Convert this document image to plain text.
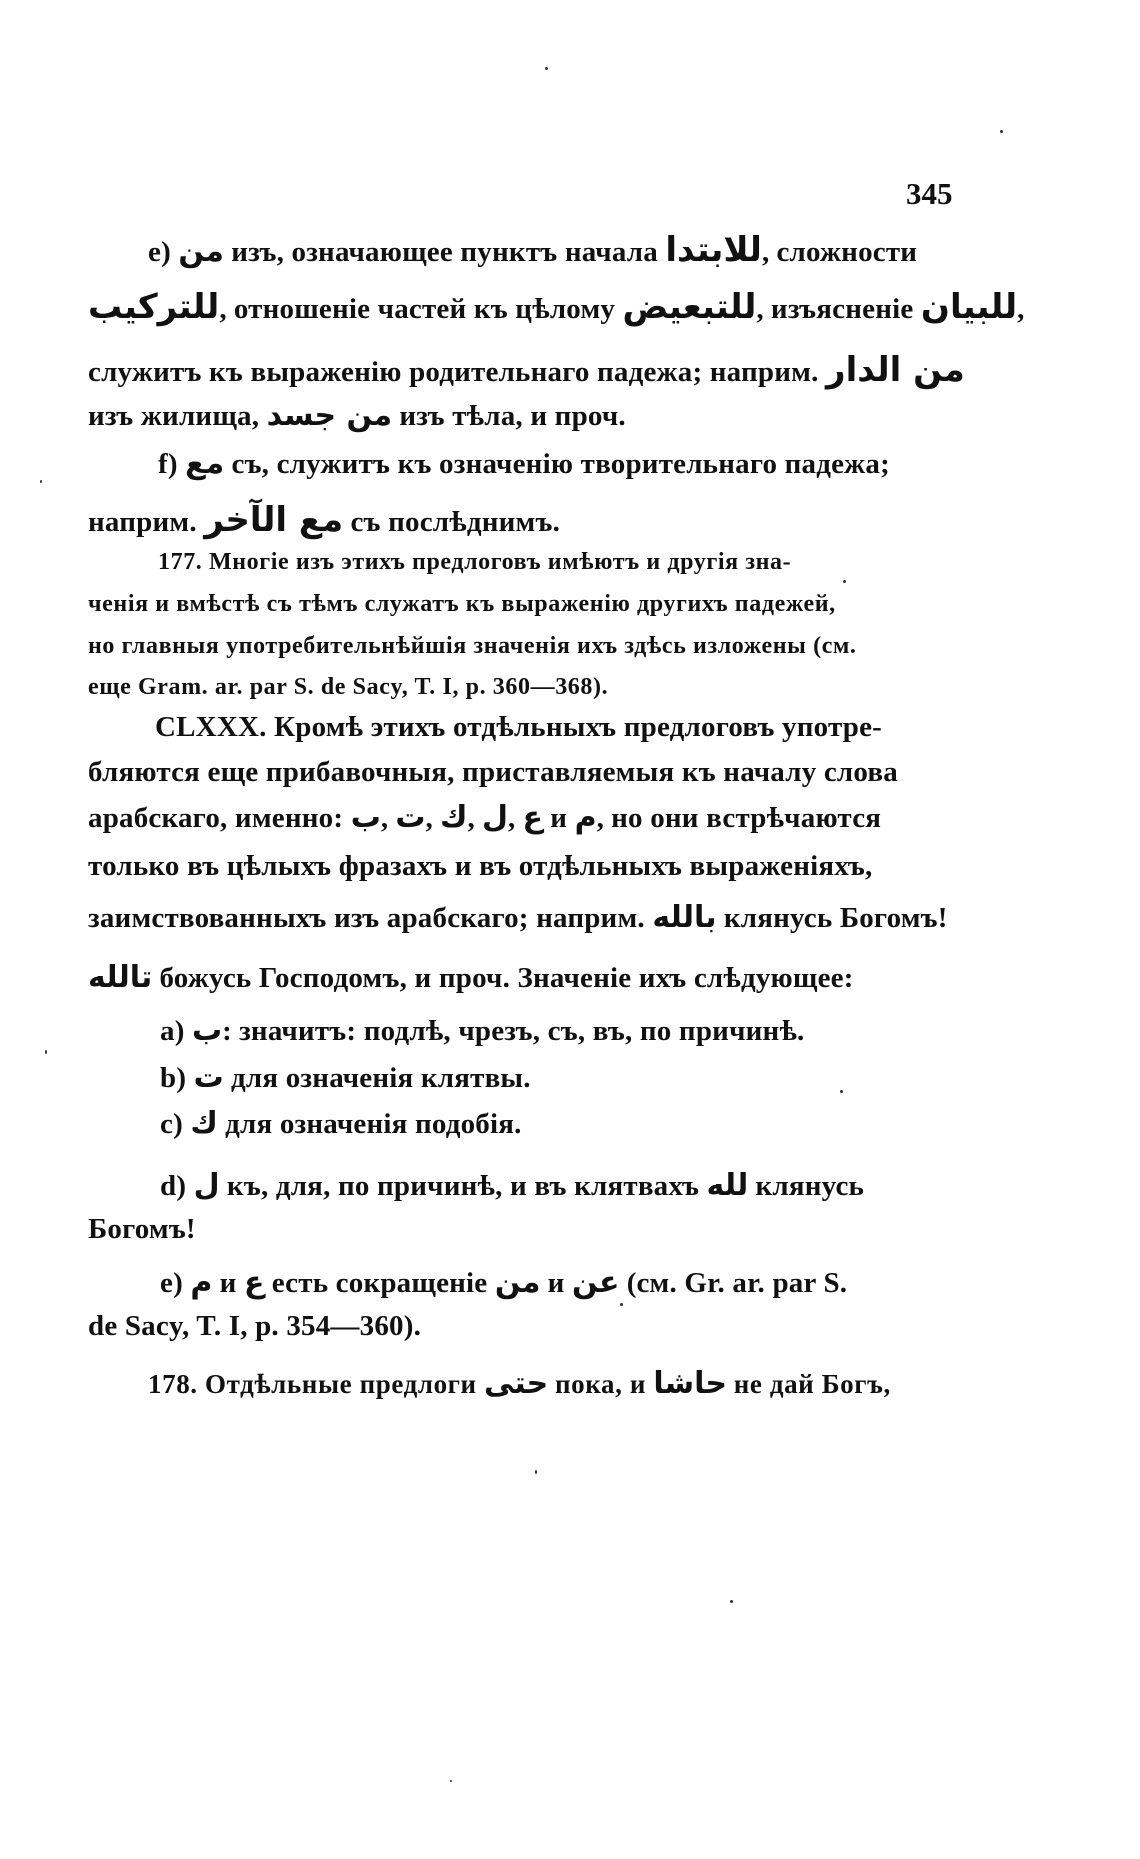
345
e) من изъ, означающее пунктъ начала للابتدا, сложности
للتركيب, отношеніе частей къ цѣлому للتبعيض, изъясненіе للبيان,
служитъ къ выраженію родительнаго падежа; наприм. من الدار
изъ жилища, من جسد изъ тѣла, и проч.
f) مع съ, служитъ къ означенію творительнаго падежа;
наприм. مع الآخر съ послѣднимъ.
177. Многіе изъ этихъ предлоговъ имѣютъ и другія зна-
ченія и вмѣстѣ съ тѣмъ служатъ къ выраженію другихъ падежей,
но главныя употребительнѣйшія значенія ихъ здѣсь изложены (см.
еще Gram. ar. par S. de Sacy, T. I, p. 360—368).
CLXXX. Кромѣ этихъ отдѣльныхъ предлоговъ употре-
бляются еще прибавочныя, приставляемыя къ началу слова
арабскаго, именно: ب, ت, ك, ل, ع и م, но они встрѣчаются
только въ цѣлыхъ фразахъ и въ отдѣльныхъ выраженіяхъ,
заимствованныхъ изъ арабскаго; наприм. بالله клянусь Богомъ!
تالله божусь Господомъ, и проч. Значеніе ихъ слѣдующее:
a) ب: значитъ: подлѣ, чрезъ, съ, въ, по причинѣ.
b) ت для означенія клятвы.
c) ك для означенія подобія.
d) ل къ, для, по причинѣ, и въ клятвахъ لله клянусь
Богомъ!
e) م и ع есть сокращеніе من и عن (см. Gr. ar. par S.
de Sacy, T. I, p. 354—360).
178. Отдѣльные предлоги حتى пока, и حاشا не дай Богъ,
